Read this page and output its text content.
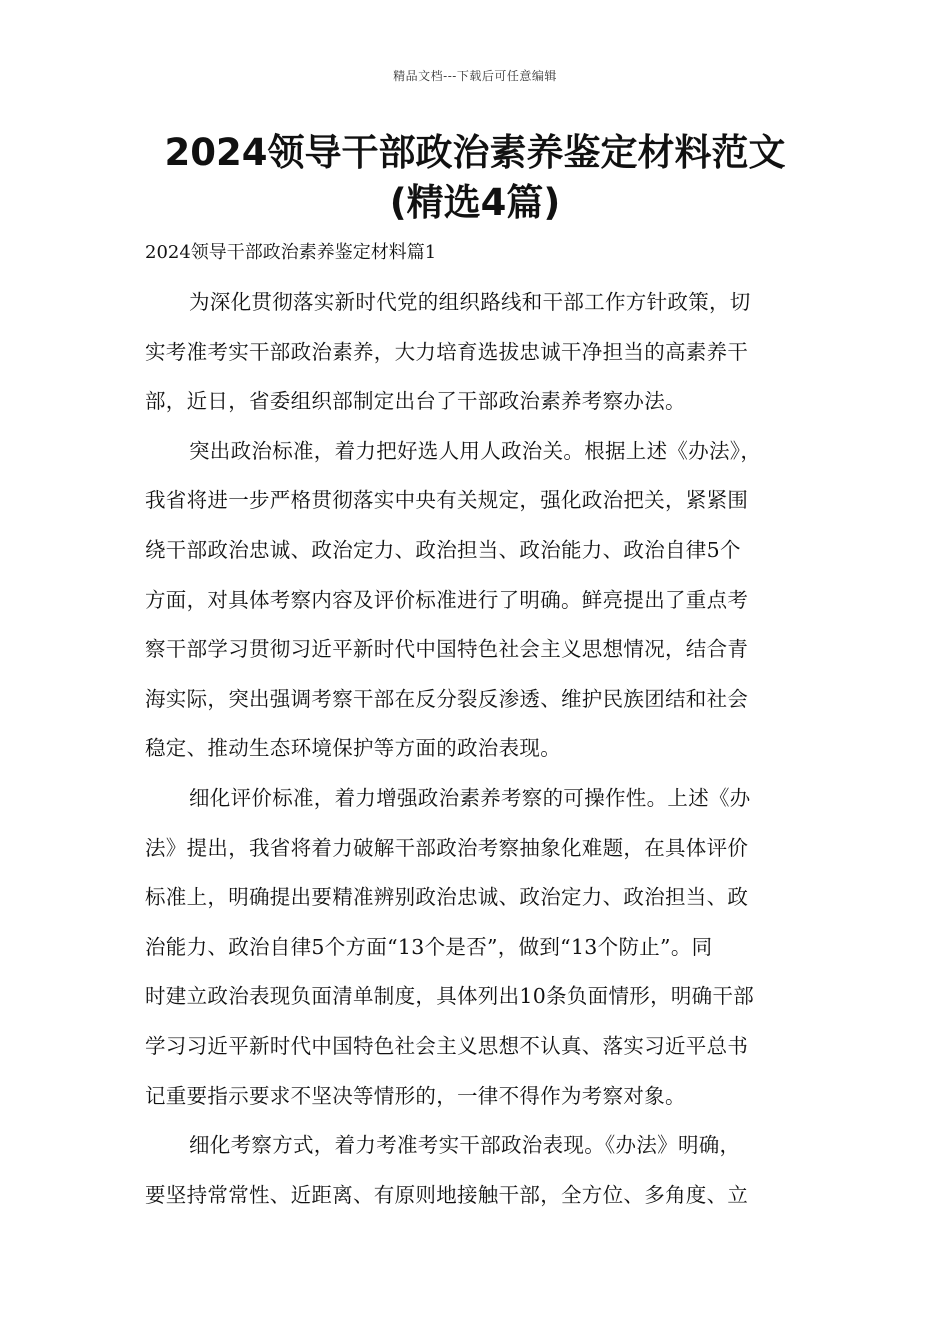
精品文档---下载后可任意编辑
2024领导干部政治素养鉴定材料范文
(精选4篇)
2024领导干部政治素养鉴定材料篇1
为深化贯彻落实新时代党的组织路线和干部工作方针政策，切
实考准考实干部政治素养，大力培育选拔忠诚干净担当的高素养干
部，近日，省委组织部制定出台了干部政治素养考察办法。
突出政治标准，着力把好选人用人政治关。根据上述《办法》，
我省将进一步严格贯彻落实中央有关规定，强化政治把关，紧紧围
绕干部政治忠诚、政治定力、政治担当、政治能力、政治自律5个
方面，对具体考察内容及评价标准进行了明确。鲜亮提出了重点考
察干部学习贯彻习近平新时代中国特色社会主义思想情况，结合青
海实际，突出强调考察干部在反分裂反渗透、维护民族团结和社会
稳定、推动生态环境保护等方面的政治表现。
细化评价标准，着力增强政治素养考察的可操作性。上述《办
法》提出，我省将着力破解干部政治考察抽象化难题，在具体评价
标准上，明确提出要精准辨别政治忠诚、政治定力、政治担当、政
治能力、政治自律5个方面“13个是否”，做到“13个防止”。同
时建立政治表现负面清单制度，具体列出10条负面情形，明确干部
学习习近平新时代中国特色社会主义思想不认真、落实习近平总书
记重要指示要求不坚决等情形的，一律不得作为考察对象。
细化考察方式，着力考准考实干部政治表现。《办法》明确，
要坚持常常性、近距离、有原则地接触干部，全方位、多角度、立
